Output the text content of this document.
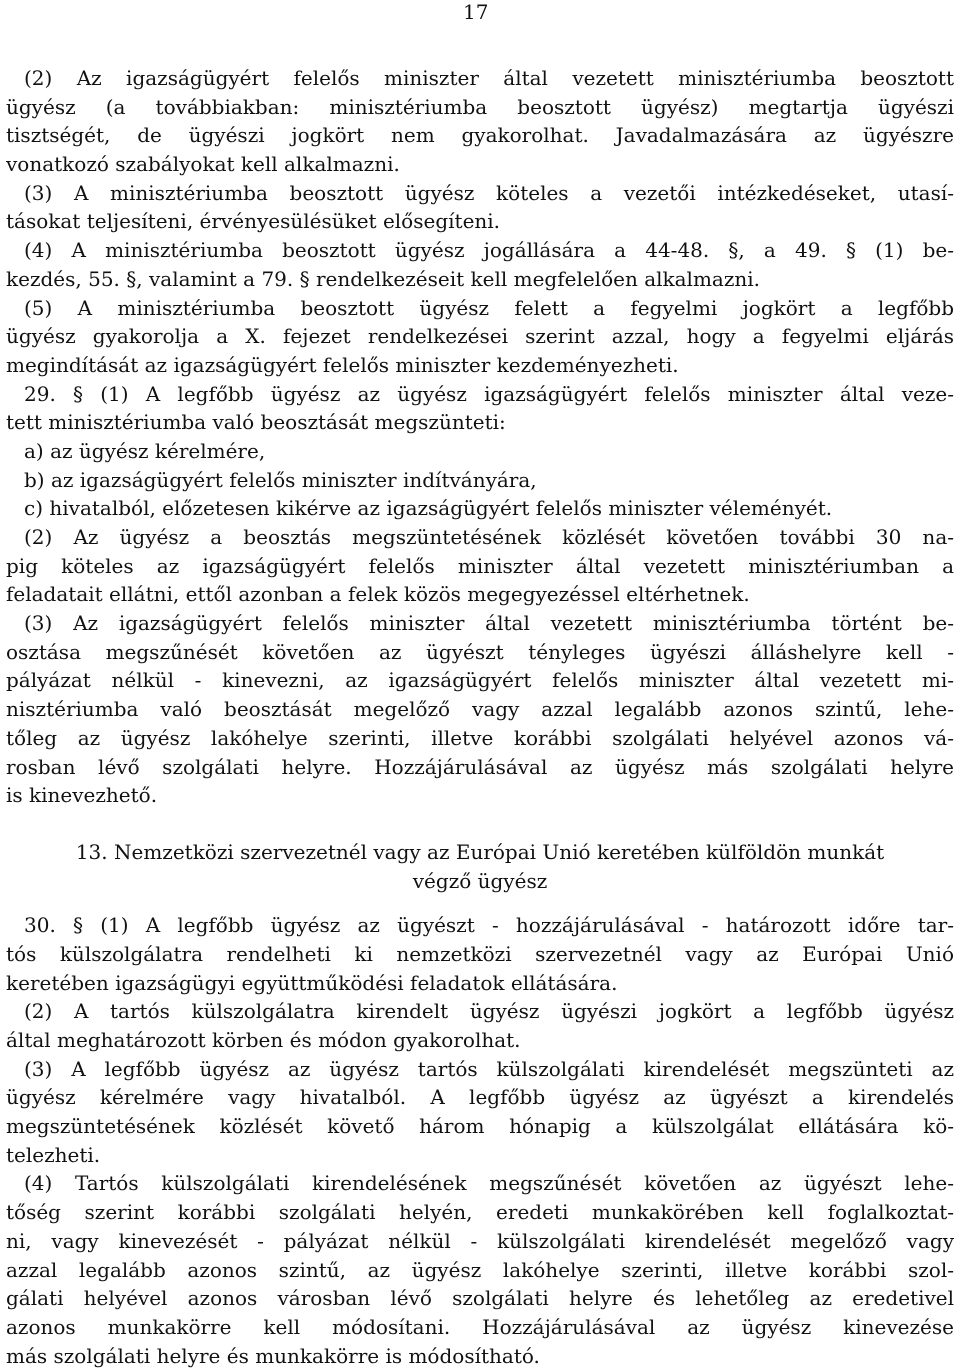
17
(2) Az igazságügyért felelős miniszter által vezetett minisztériumba beosztott
ügyész (a továbbiakban: minisztériumba beosztott ügyész) megtartja ügyészi
tisztségét, de ügyészi jogkört nem gyakorolhat. Javadalmazására az ügyészre
vonatkozó szabályokat kell alkalmazni.
(3) A minisztériumba beosztott ügyész köteles a vezetői intézkedéseket, utasí-
tásokat teljesíteni, érvényesülésüket elősegíteni.
(4) A minisztériumba beosztott ügyész jogállására a 44-48. §, a 49. § (1) be-
kezdés, 55. §, valamint a 79. § rendelkezéseit kell megfelelően alkalmazni.
(5) A minisztériumba beosztott ügyész felett a fegyelmi jogkört a legfőbb
ügyész gyakorolja a X. fejezet rendelkezései szerint azzal, hogy a fegyelmi eljárás
megindítását az igazságügyért felelős miniszter kezdeményezheti.
29. § (1) A legfőbb ügyész az ügyész igazságügyért felelős miniszter által veze-
tett minisztériumba való beosztását megszünteti:
a) az ügyész kérelmére,
b) az igazságügyért felelős miniszter indítványára,
c) hivatalból, előzetesen kikérve az igazságügyért felelős miniszter véleményét.
(2) Az ügyész a beosztás megszüntetésének közlését követően további 30 na-
pig köteles az igazságügyért felelős miniszter által vezetett minisztériumban a
feladatait ellátni, ettől azonban a felek közös megegyezéssel eltérhetnek.
(3) Az igazságügyért felelős miniszter által vezetett minisztériumba történt be-
osztása megszűnését követően az ügyészt tényleges ügyészi álláshelyre kell -
pályázat nélkül - kinevezni, az igazságügyért felelős miniszter által vezetett mi-
nisztériumba való beosztását megelőző vagy azzal legalább azonos szintű, lehe-
tőleg az ügyész lakóhelye szerinti, illetve korábbi szolgálati helyével azonos vá-
rosban lévő szolgálati helyre. Hozzájárulásával az ügyész más szolgálati helyre
is kinevezhető.
13. Nemzetközi szervezetnél vagy az Európai Unió keretében külföldön munkát
végző ügyész
30. § (1) A legfőbb ügyész az ügyészt - hozzájárulásával - határozott időre tar-
tós külszolgálatra rendelheti ki nemzetközi szervezetnél vagy az Európai Unió
keretében igazságügyi együttműködési feladatok ellátására.
(2) A tartós külszolgálatra kirendelt ügyész ügyészi jogkört a legfőbb ügyész
által meghatározott körben és módon gyakorolhat.
(3) A legfőbb ügyész az ügyész tartós külszolgálati kirendelését megszünteti az
ügyész kérelmére vagy hivatalból. A legfőbb ügyész az ügyészt a kirendelés
megszüntetésének közlését követő három hónapig a külszolgálat ellátására kö-
telezheti.
(4) Tartós külszolgálati kirendelésének megszűnését követően az ügyészt lehe-
tőség szerint korábbi szolgálati helyén, eredeti munkakörében kell foglalkoztat-
ni, vagy kinevezését - pályázat nélkül - külszolgálati kirendelését megelőző vagy
azzal legalább azonos szintű, az ügyész lakóhelye szerinti, illetve korábbi szol-
gálati helyével azonos városban lévő szolgálati helyre és lehetőleg az eredetivel
azonos munkakörre kell módosítani. Hozzájárulásával az ügyész kinevezése
más szolgálati helyre és munkakörre is módosítható.
